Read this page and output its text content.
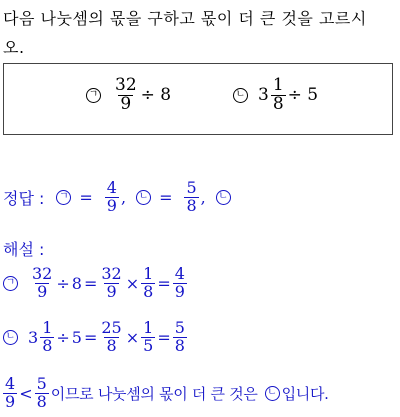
다음 나눗셈의 몫을 구하고 몫이 더 큰 것을 고르시
오.
ㄱ $\frac{32}{9} \div 8$	ㄴ $3 \frac{1}{8} \div 5$
정답 : ㄱ = $\frac{4}{9}$ , ㄴ = $\frac{5}{8}$ , ㄴ
해설 :
ㄱ $\frac{32}{9} \div 8 = \frac{32}{9} \times \frac{1}{8} = \frac{4}{9}$
ㄴ $3 \frac{1}{8} \div 5 = \frac{25}{8} \times \frac{1}{5} = \frac{5}{8}$
$\frac{4}{9} < \frac{5}{8}$ 이므로 나눗셈의 몫이 더 큰 것은 ㄴ 입니다.
